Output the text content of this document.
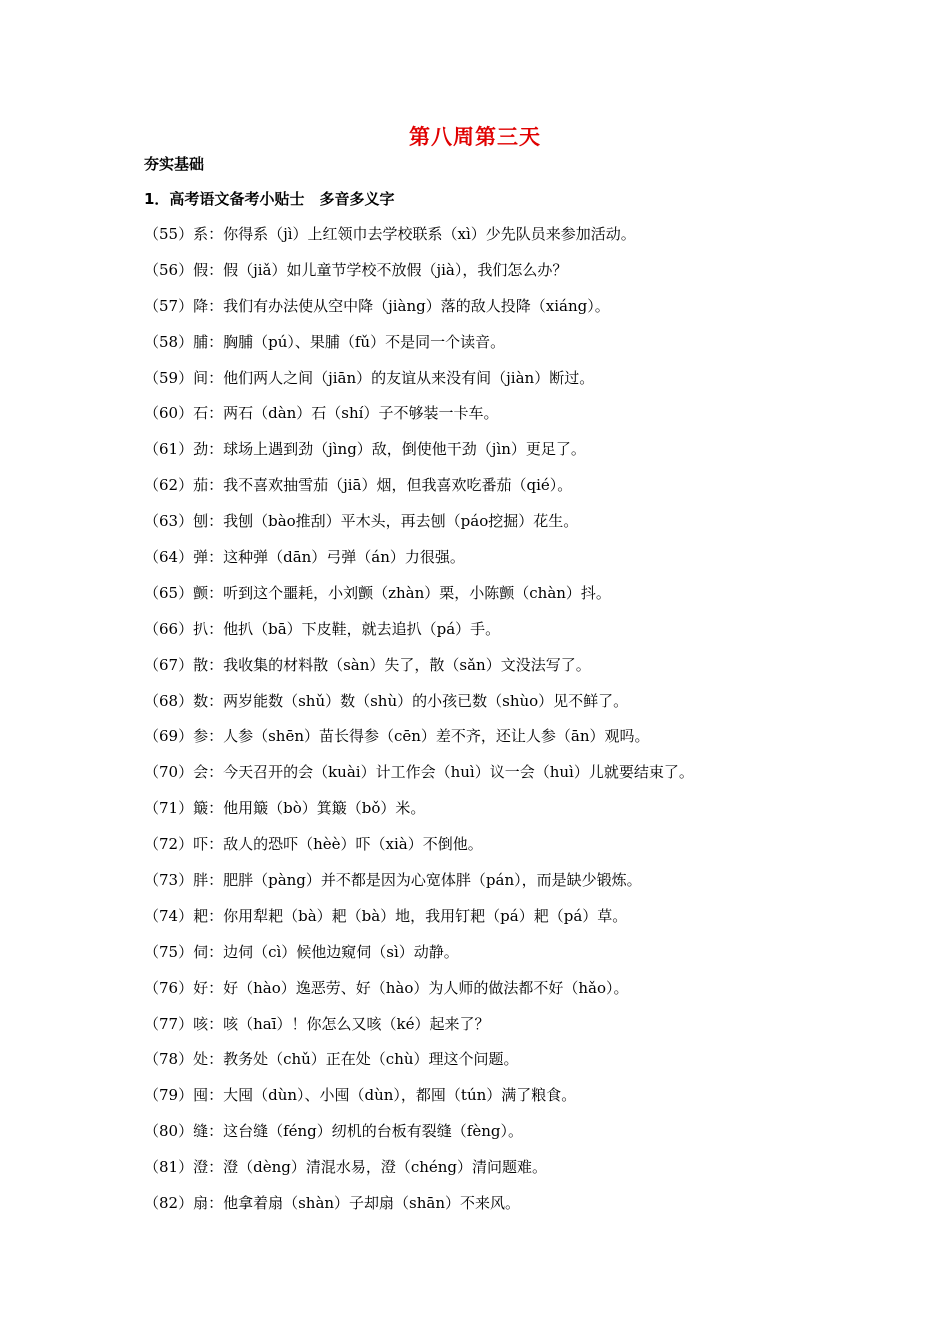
第八周第三天
夯实基础
1．高考语文备考小贴士　多音多义字
（55）系：你得系（jì）上红领巾去学校联系（xì）少先队员来参加活动。
（56）假：假（jiǎ）如儿童节学校不放假（jià），我们怎么办？
（57）降：我们有办法使从空中降（jiàng）落的敌人投降（xiáng）。
（58）脯：胸脯（pú）、果脯（fǔ）不是同一个读音。
（59）间：他们两人之间（jiān）的友谊从来没有间（jiàn）断过。
（60）石：两石（dàn）石（shí）子不够装一卡车。
（61）劲：球场上遇到劲（jìng）敌，倒使他干劲（jìn）更足了。
（62）茄：我不喜欢抽雪茄（jiā）烟，但我喜欢吃番茄（qié）。
（63）刨：我刨（bào推刮）平木头，再去刨（páo挖掘）花生。
（64）弹：这种弹（dān）弓弹（án）力很强。
（65）颤：听到这个噩耗，小刘颤（zhàn）栗，小陈颤（chàn）抖。
（66）扒：他扒（bā）下皮鞋，就去追扒（pá）手。
（67）散：我收集的材料散（sàn）失了，散（sǎn）文没法写了。
（68）数：两岁能数（shǔ）数（shù）的小孩已数（shùo）见不鲜了。
（69）参：人参（shēn）苗长得参（cēn）差不齐，还让人参（ān）观吗。
（70）会：今天召开的会（kuài）计工作会（huì）议一会（huì）儿就要结束了。
（71）簸：他用簸（bò）箕簸（bǒ）米。
（72）吓：敌人的恐吓（hèè）吓（xià）不倒他。
（73）胖：肥胖（pàng）并不都是因为心宽体胖（pán），而是缺少锻炼。
（74）耙：你用犁耙（bà）耙（bà）地，我用钉耙（pá）耙（pá）草。
（75）伺：边伺（cì）候他边窥伺（sì）动静。
（76）好：好（hào）逸恶劳、好（hào）为人师的做法都不好（hǎo）。
（77）咳：咳（haī）！你怎么又咳（ké）起来了？
（78）处：教务处（chǔ）正在处（chù）理这个问题。
（79）囤：大囤（dùn）、小囤（dùn），都囤（tún）满了粮食。
（80）缝：这台缝（féng）纫机的台板有裂缝（fèng）。
（81）澄：澄（dèng）清混水易，澄（chéng）清问题难。
（82）扇：他拿着扇（shàn）子却扇（shān）不来风。
